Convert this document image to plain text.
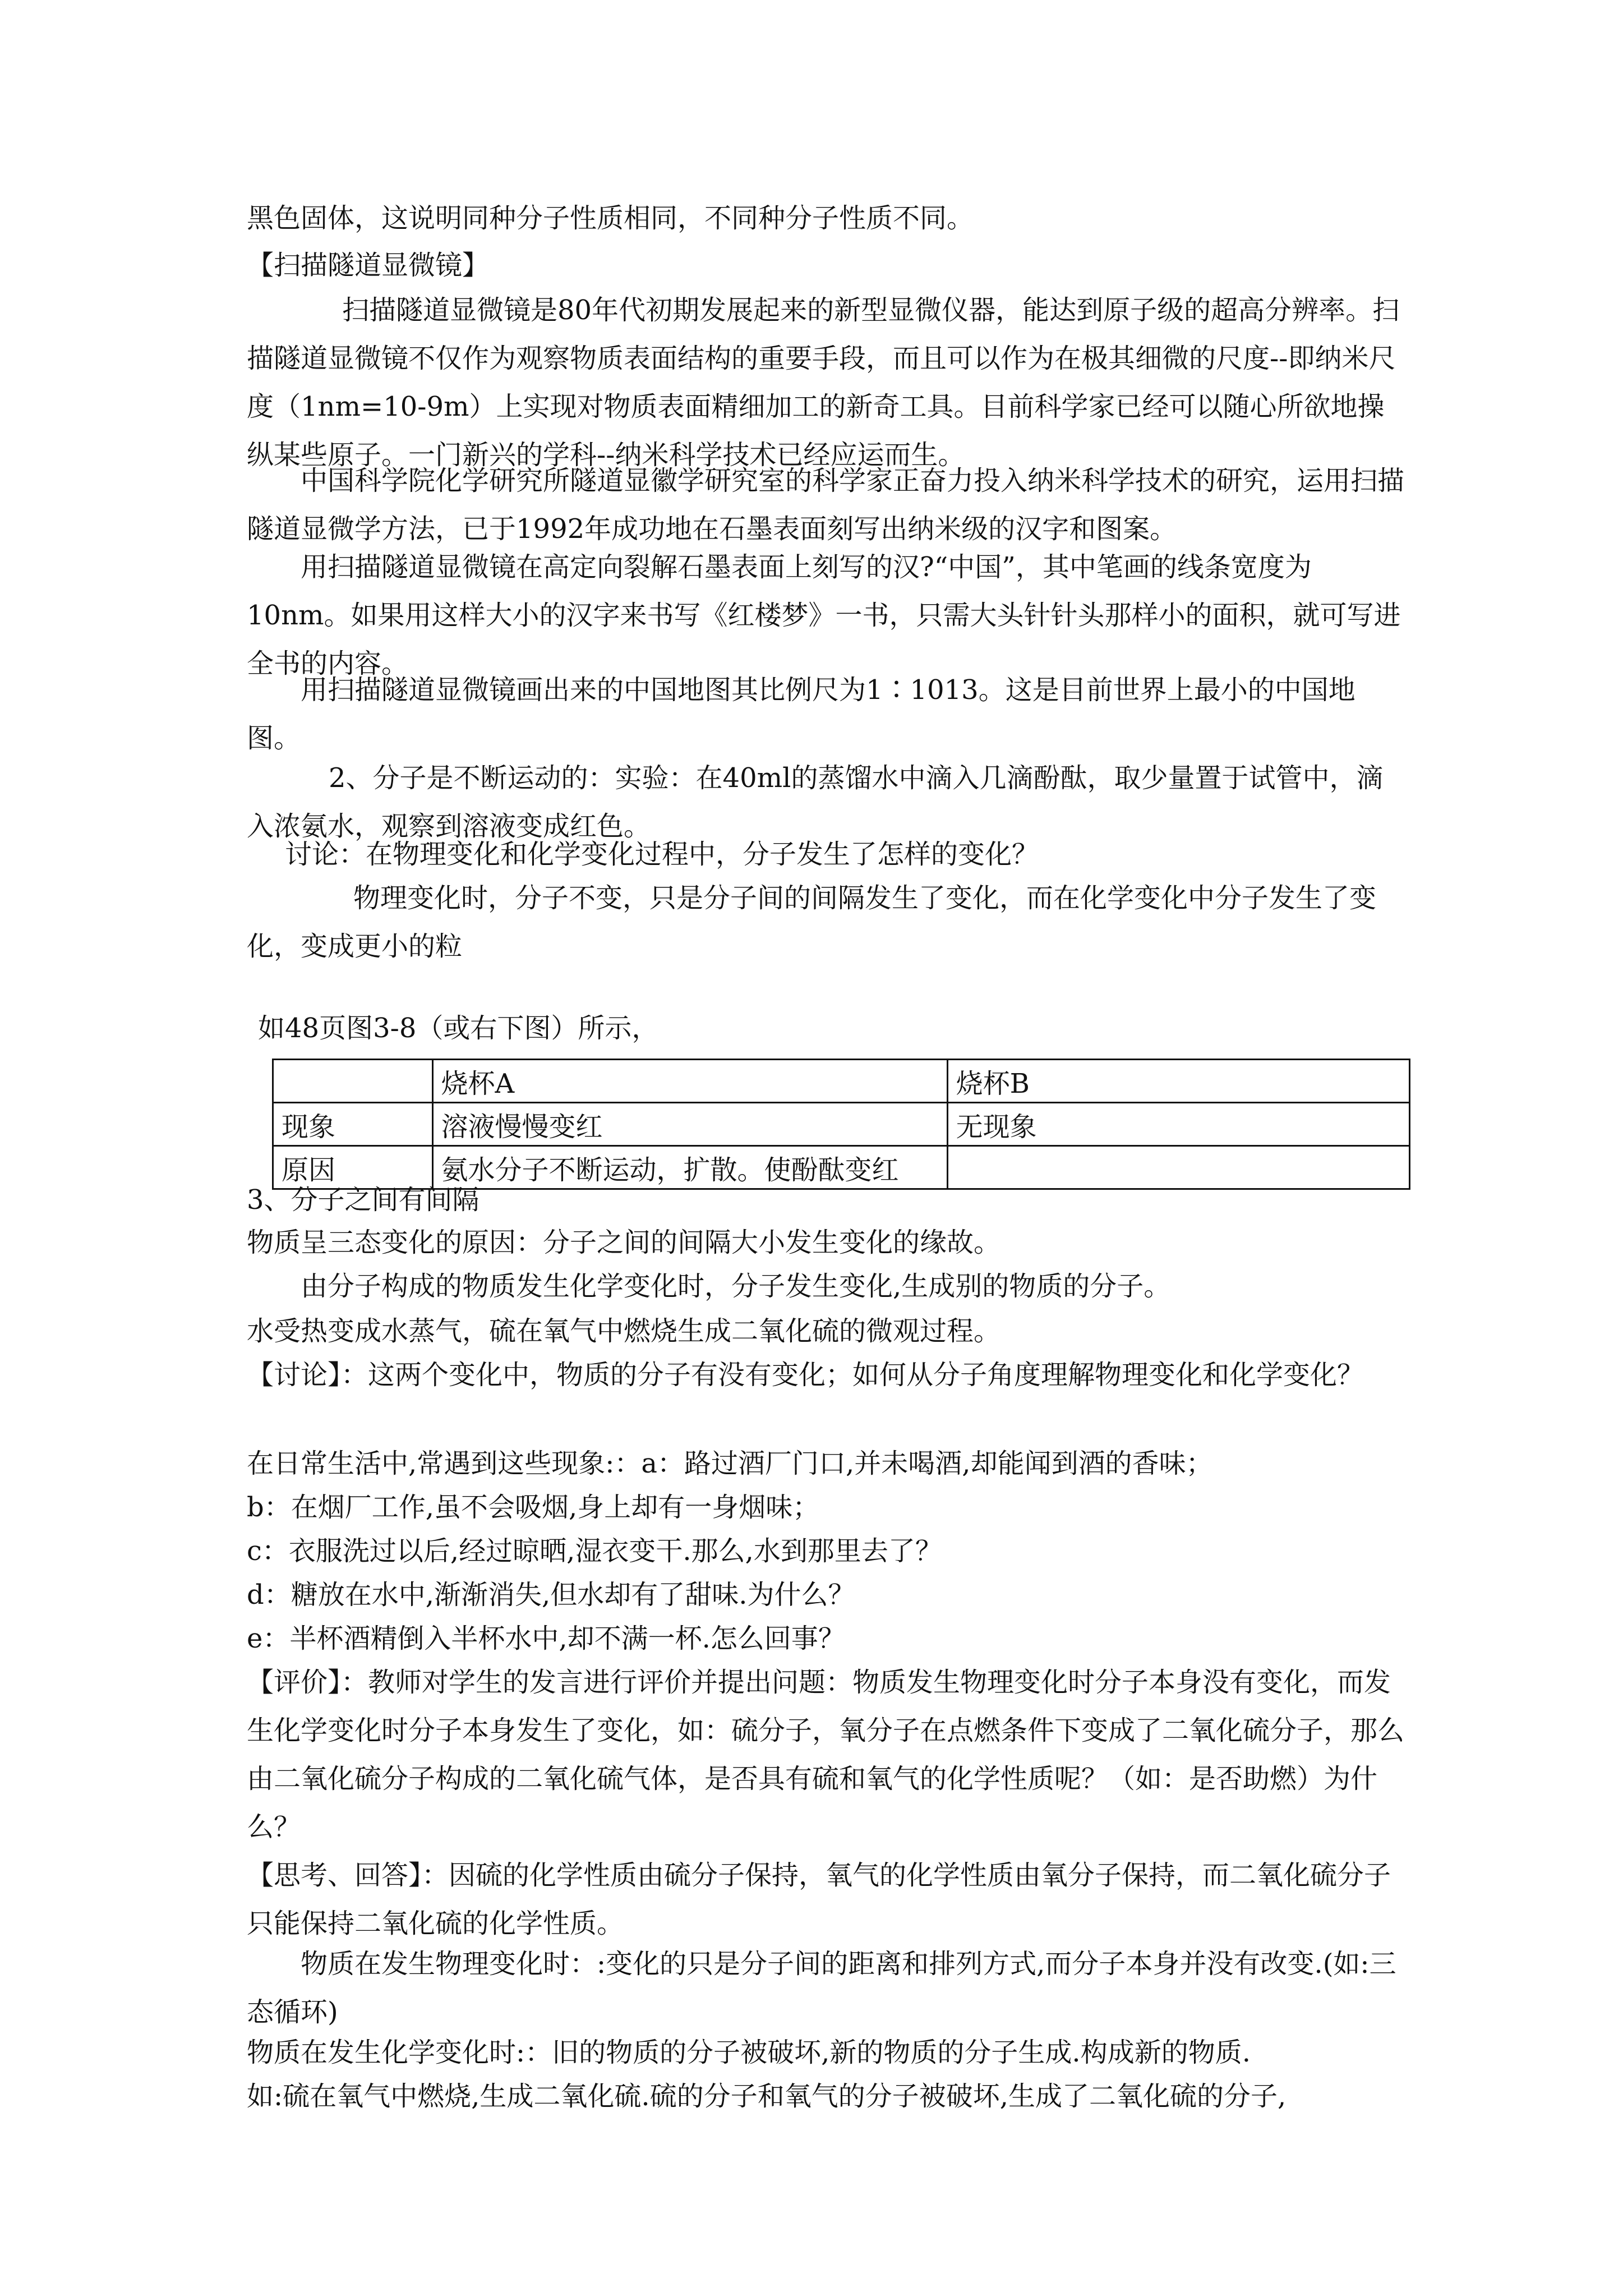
黑色固体，这说明同种分子性质相同，不同种分子性质不同。

【扫描隧道显微镜】

扫描隧道显微镜是80年代初期发展起来的新型显微仪器，能达到原子级的超高分辨率。扫描隧道显微镜不仅作为观察物质表面结构的重要手段，而且可以作为在极其细微的尺度--即纳米尺度（1nm=10-9m）上实现对物质表面精细加工的新奇工具。目前科学家已经可以随心所欲地操纵某些原子。一门新兴的学科--纳米科学技术已经应运而生。

中国科学院化学研究所隧道显徽学研究室的科学家正奋力投入纳米科学技术的研究，运用扫描隧道显微学方法，已于1992年成功地在石墨表面刻写出纳米级的汉字和图案。

用扫描隧道显微镜在高定向裂解石墨表面上刻写的汉?“中国”，其中笔画的线条宽度为10nm。如果用这样大小的汉字来书写《红楼梦》一书，只需大头针针头那样小的面积，就可写进全书的内容。

用扫描隧道显微镜画出来的中国地图其比例尺为1∶1013。这是目前世界上最小的中国地图。

2、分子是不断运动的：实验：在40ml的蒸馏水中滴入几滴酚酞，取少量置于试管中，滴入浓氨水，观察到溶液变成红色。

讨论：在物理变化和化学变化过程中，分子发生了怎样的变化？

物理变化时，分子不变，只是分子间的间隔发生了变化，而在化学变化中分子发生了变化，变成更小的粒

如48页图3-8（或右下图）所示，

	烧杯A	烧杯B
现象	溶液慢慢变红	无现象
原因	氨水分子不断运动，扩散。使酚酞变红	

3、分子之间有间隔

物质呈三态变化的原因：分子之间的间隔大小发生变化的缘故。

由分子构成的物质发生化学变化时，分子发生变化,生成别的物质的分子。

水受热变成水蒸气，硫在氧气中燃烧生成二氧化硫的微观过程。

【讨论】：这两个变化中，物质的分子有没有变化；如何从分子角度理解物理变化和化学变化？

在日常生活中,常遇到这些现象:：a：路过酒厂门口,并未喝酒,却能闻到酒的香味；

b：在烟厂工作,虽不会吸烟,身上却有一身烟味；

c：衣服洗过以后,经过晾晒,湿衣变干.那么,水到那里去了？

d：糖放在水中,渐渐消失,但水却有了甜味.为什么？

e：半杯酒精倒入半杯水中,却不满一杯.怎么回事？

【评价】：教师对学生的发言进行评价并提出问题：物质发生物理变化时分子本身没有变化，而发生化学变化时分子本身发生了变化，如：硫分子，氧分子在点燃条件下变成了二氧化硫分子，那么由二氧化硫分子构成的二氧化硫气体，是否具有硫和氧气的化学性质呢？（如：是否助燃）为什么？

【思考、回答】：因硫的化学性质由硫分子保持，氧气的化学性质由氧分子保持，而二氧化硫分子只能保持二氧化硫的化学性质。

物质在发生物理变化时：:变化的只是分子间的距离和排列方式,而分子本身并没有改变.(如:三态循环)

物质在发生化学变化时:：旧的物质的分子被破坏,新的物质的分子生成.构成新的物质.

如:硫在氧气中燃烧,生成二氧化硫.硫的分子和氧气的分子被破坏,生成了二氧化硫的分子,
